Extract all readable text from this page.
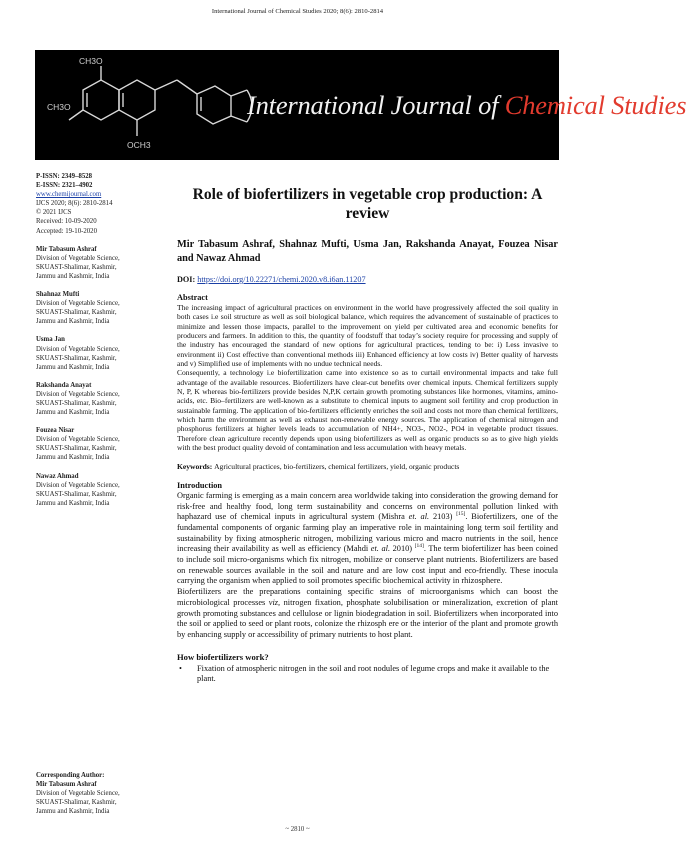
International Journal of Chemical Studies 2020; 8(6): 2810-2814
CH3O
CH3O
OCH3
International Journal of Chemical Studies
P-ISSN: 2349–8528
E-ISSN: 2321–4902
www.chemijournal.com
IJCS 2020; 8(6): 2810-2814
© 2021 IJCS
Received: 10-09-2020
Accepted: 19-10-2020
Mir Tabasum Ashraf
Division of Vegetable Science,
SKUAST-Shalimar, Kashmir,
Jammu and Kashmir, India
Shahnaz Mufti
Division of Vegetable Science,
SKUAST-Shalimar, Kashmir,
Jammu and Kashmir, India
Usma Jan
Division of Vegetable Science,
SKUAST-Shalimar, Kashmir,
Jammu and Kashmir, India
Rakshanda Anayat
Division of Vegetable Science,
SKUAST-Shalimar, Kashmir,
Jammu and Kashmir, India
Fouzea Nisar
Division of Vegetable Science,
SKUAST-Shalimar, Kashmir,
Jammu and Kashmir, India
Nawaz Ahmad
Division of Vegetable Science,
SKUAST-Shalimar, Kashmir,
Jammu and Kashmir, India
Corresponding Author:
Mir Tabasum Ashraf
Division of Vegetable Science,
SKUAST-Shalimar, Kashmir,
Jammu and Kashmir, India
Role of biofertilizers in vegetable crop production: A review
Mir Tabasum Ashraf, Shahnaz Mufti, Usma Jan, Rakshanda Anayat, Fouzea Nisar and Nawaz Ahmad
DOI: https://doi.org/10.22271/chemi.2020.v8.i6an.11207
Abstract
The increasing impact of agricultural practices on environment in the world have progressively affected the soil quality in both cases i.e soil structure as well as soil biological balance, which requires the advancement of sustainable of practices to minimize and lessen those impacts, parallel to the improvement on yield per cultivated area and economic benefits for producers and farmers. In addition to this, the quantity of foodstuff that today’s society require for processing and supply of the industry has encouraged the standard of new options for agricultural practices, tending to be: i) Less invasive to environment ii) Cost effective than conventional methods iii) Enhanced efficiency at low costs iv) Better quality of harvests and v) Simplified use of implements with no undue technical needs.
Consequently, a technology i.e biofertilization came into existence so as to curtail environmental impacts and take full advantage of the available resources. Biofertilizers have clear-cut benefits over chemical inputs. Chemical fertilizers supply N, P, K whereas bio-fertilizers provide besides N,P,K certain growth promoting substances like hormones, vitamins, amino-acids, etc. Bio–fertilizers are well-known as a substitute to chemical inputs to augment soil fertility and crop production in sustainable farming. The application of bio-fertilizers efficiently enriches the soil and costs not more than chemical fertilizers, which harm the environment as well as exhaust non-renewable energy sources. The application of chemical nitrogen and phosphorus fertilizers at higher levels leads to accumulation of NH4+, NO3-, NO2-, PO4 in vegetable product tissues. Therefore clean agriculture recently depends upon using biofertilizers as well as organic products so as to give high yields with the best product quality devoid of contamination and less accumulation with heavy metals.
Keywords: Agricultural practices, bio-fertilizers, chemical fertilizers, yield, organic products
Introduction

Organic farming is emerging as a main concern area worldwide taking into consideration the growing demand for risk-free and healthy food, long term sustainability and concerns on environmental pollution linked with haphazard use of chemical inputs in agricultural system (Mishra et. al. 2103) [15]. Biofertilizers, one of the fundamental components of organic farming play an imperative role in maintaining long term soil fertility and sustainability by fixing atmospheric nitrogen, mobilizing various micro and macro nutrients in the soil, hence increasing their availability as well as efficiency (Mahdi et. al. 2010) [14]. The term biofertilizer has been coined to include soil micro-organisms which fix nitrogen, mobilize or conserve plant nutrients. Biofertilizers are based on renewable sources available in the soil and nature and are low cost input and eco-friendly. These inocula carrying the organism when applied to soil promotes specific biochemical activity in rhizosphere.

Biofertilizers are the preparations containing specific strains of microorganisms which can boost the microbiological processes viz, nitrogen fixation, phosphate solubilisation or mineralization, excretion of plant growth promoting substances and cellulose or lignin biodegradation in soil. Biofertilizers when incorporated into the soil or applied to seed or plant roots, colonize the rhizosph ere or the interior of the plant and promote growth by enhancing supply or accessibility of primary nutrients to host plant.

How biofertilizers work?
• Fixation of atmospheric nitrogen in the soil and root nodules of legume crops and make it available to the plant.
~ 2810 ~
